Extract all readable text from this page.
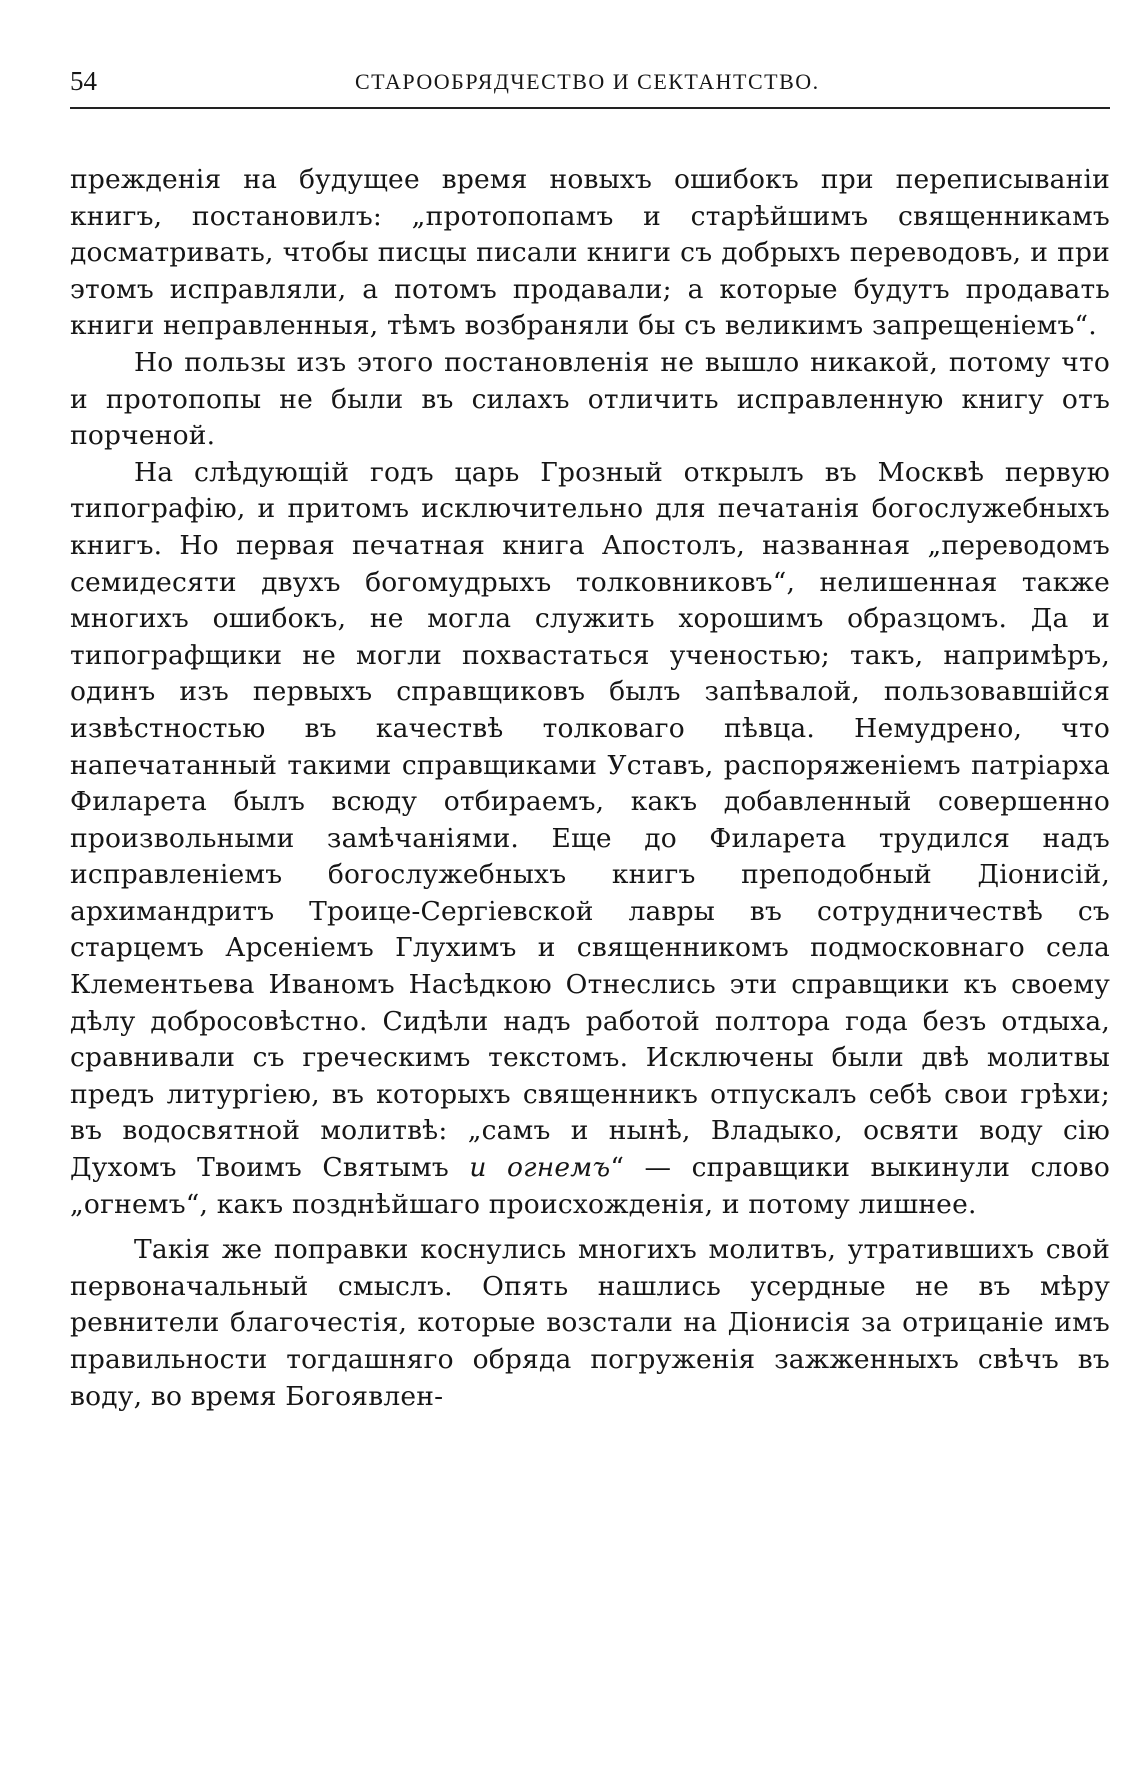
54	СТАРООБРЯДЧЕСТВО И СЕКТАНТСТВО.

прежденія на будущее время новыхъ ошибокъ при переписываніи книгъ, постановилъ: „протопопамъ и старѣйшимъ священникамъ досматривать, чтобы писцы писали книги съ добрыхъ переводовъ, и при этомъ исправляли, а потомъ продавали; а которые будутъ продавать книги неправленныя, тѣмъ возбраняли бы съ великимъ запрещеніемъ“.

Но пользы изъ этого постановленія не вышло никакой, потому что и протопопы не были въ силахъ отличить исправленную книгу отъ порченой.

На слѣдующій годъ царь Грозный открылъ въ Москвѣ первую типографію, и притомъ исключительно для печатанія богослужебныхъ книгъ. Но первая печатная книга Апостолъ, названная „переводомъ семидесяти двухъ богомудрыхъ толковниковъ“, нелишенная также многихъ ошибокъ, не могла служить хорошимъ образцомъ. Да и типографщики не могли похвастаться ученостью; такъ, напримѣръ, одинъ изъ первыхъ справщиковъ былъ запѣвалой, пользовавшійся извѣстностью въ качествѣ толковаго пѣвца. Немудрено, что напечатанный такими справщиками Уставъ, распоряженіемъ патріарха Филарета былъ всюду отбираемъ, какъ добавленный совершенно произвольными замѣчаніями. Еще до Филарета трудился надъ исправленіемъ богослужебныхъ книгъ преподобный Діонисій, архимандритъ Троице-Сергіевской лавры въ сотрудничествѣ съ старцемъ Арсеніемъ Глухимъ и священникомъ подмосковнаго села Клементьева Иваномъ Насѣдкою Отнеслись эти справщики къ своему дѣлу добросовѣстно. Сидѣли надъ работой полтора года безъ отдыха, сравнивали съ греческимъ текстомъ. Исключены были двѣ молитвы предъ литургіею, въ которыхъ священникъ отпускалъ себѣ свои грѣхи; въ водосвятной молитвѣ: „самъ и нынѣ, Владыко, освяти воду сію Духомъ Твоимъ Святымъ и огнемъ“ — справщики выкинули слово „огнемъ“, какъ позднѣйшаго происхожденія, и потому лишнее.

Такія же поправки коснулись многихъ молитвъ, утратившихъ свой первоначальный смыслъ. Опять нашлись усердные не въ мѣру ревнители благочестія, которые возстали на Діонисія за отрицаніе имъ правильности тогдашняго обряда погруженія зажженныхъ свѣчъ въ воду, во время Богоявлен-
